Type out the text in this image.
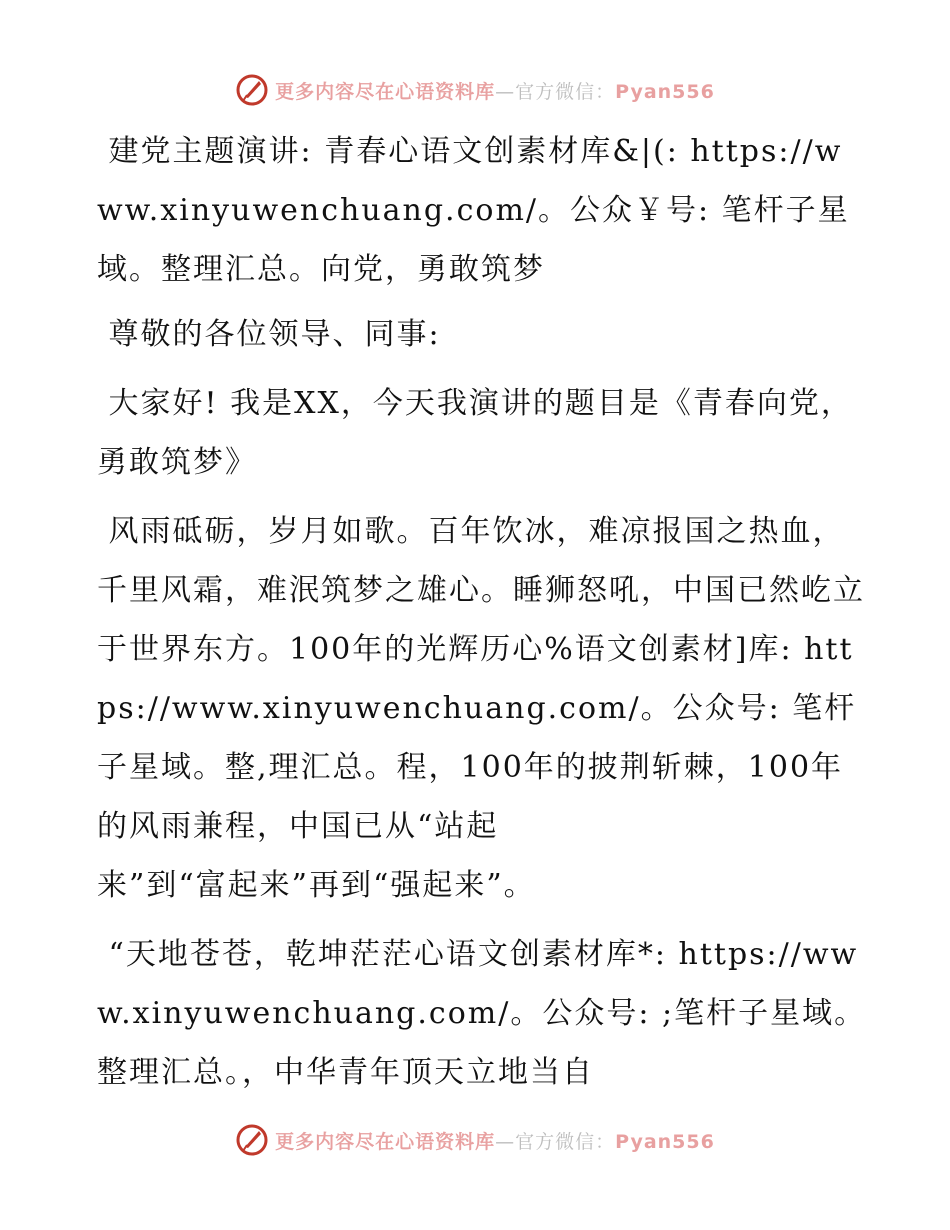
更多内容尽在心语资料库—官方微信：Pyan556

建党主题演讲: 青春心语文创素材库&|(: https://www.xinyuwenchuang.com/。公众￥号: 笔杆子星域。整理汇总。向党，勇敢筑梦

尊敬的各位领导、同事:

大家好! 我是XX，今天我演讲的题目是《青春向党，勇敢筑梦》

风雨砥砺，岁月如歌。百年饮冰，难凉报国之热血，千里风霜，难泯筑梦之雄心。睡狮怒吼，中国已然屹立于世界东方。100年的光辉历心%语文创素材]库: https://www.xinyuwenchuang.com/。公众号: 笔杆子星域。整,理汇总。程，100年的披荆斩棘，100年的风雨兼程，中国已从“站起
来”到“富起来”再到“强起来”。

“天地苍苍，乾坤茫茫心语文创素材库*: https://www.xinyuwenchuang.com/。公众号: ;笔杆子星域。整理汇总。，中华青年顶天立地当自

更多内容尽在心语资料库—官方微信：Pyan556
